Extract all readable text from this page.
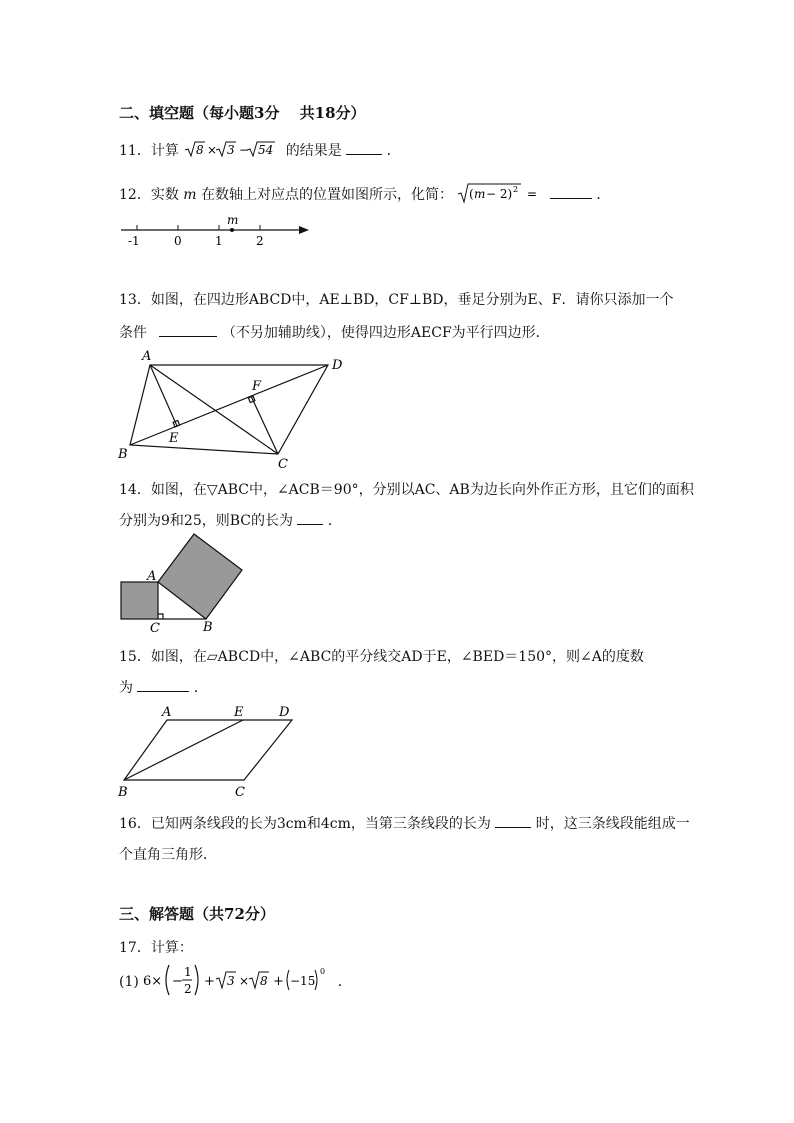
二、填空题（每小题3分　 共18分）
11．计算 8 × 3 − 54 的结果是	．
12．实数 m 在数轴上对应点的位置如图所示，化简： ( m − 2) 2 =	．
m
-1	0	1	2
13．如图，在四边形ABCD中，AE⊥BD，CF⊥BD，垂足分别为E、F．请你只添加一个
条件	（不另加辅助线），使得四边形AECF为平行四边形．
A
D
F
E
B
C
14．如图，在▽ABC中，∠ACB＝90°，分别以AC、AB为边长向外作正方形，且它们的面积
分别为9和25，则BC的长为 ．
A
C	B
15．如图，在▱ABCD中，∠ABC的平分线交AD于E，∠BED＝150°，则∠A的度数
为	．
A	E	D
B	C
16．已知两条线段的长为3cm和4cm，当第三条线段的长为	时，这三条线段能组成一
个直角三角形．
三、解答题（共72分）
17．计算：
(1) 6× −
1
2 + 3 × 8 + −15
0
．
